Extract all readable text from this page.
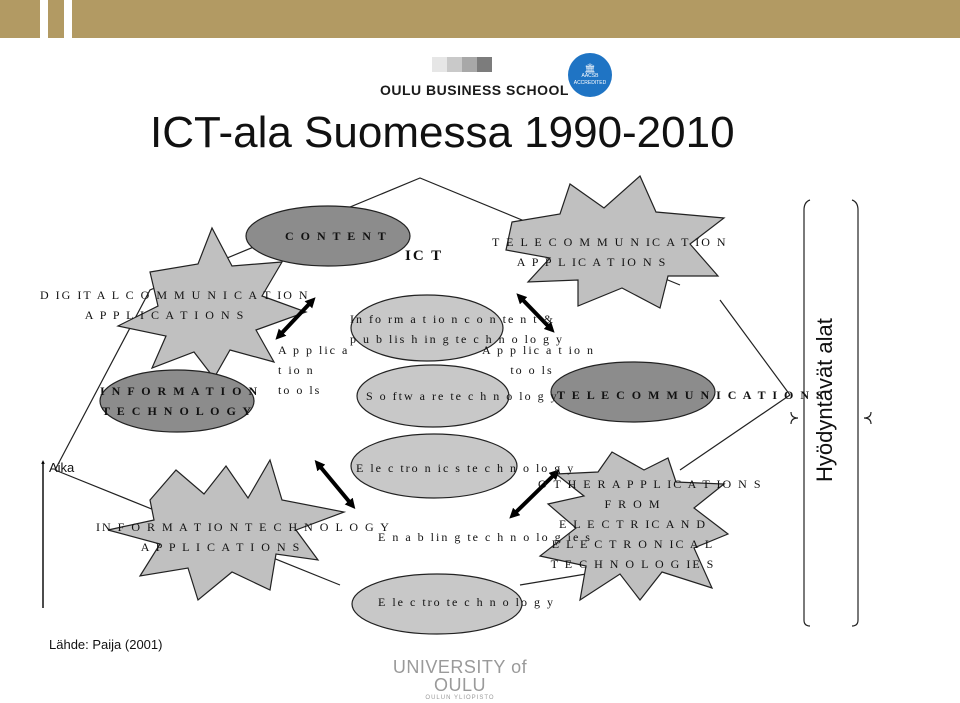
OULU BUSINESS SCHOOL
🏛︎
AACSB ACCREDITED
ICT-ala Suomessa 1990-2010
C O N T E N T
IC T
T E L E C O M M U N IC A T IO N
A P P L IC A T IO N S
D IG IT A L C O M M U N I C A T IO N
A P P L I C A T I O N S
I N F O R M A T I O N
T E C H N O L O G Y
A p p lic a
t io n
to o ls
In fo rm a t io n c o n te n t &
p u b lis h in g te c h n o lo g y
A p p lic a t io n
to o ls
S o ftw a re te c h n o lo g y
T E L E C O M M U N I C A T I O N S
E le c tro n ic s te c h n o lo g y
IN F O R M A T IO N T E C H N O L O G Y
A P P L I C A T I O N S
E n a b lin g te c h n o lo g ie s
O T H E R A P P L IC A T IO N S
F R O M
E L E C T R IC A N D
E L E C T R O N IC A L
T E C H N O L O G IE S
E le c tro te c h n o lo g y
Aika	Hyödyntävät alat
Lähde: Paija (2001)
UNIVERSITY of OULU
OULUN YLIOPISTO
